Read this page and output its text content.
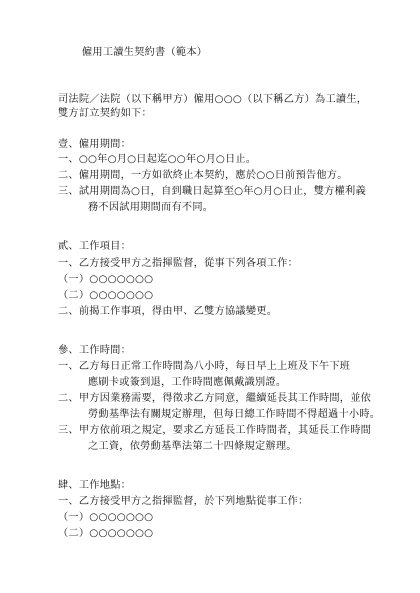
僱用工讀生契約書（範本）
司法院／法院（以下稱甲方）僱用○○○（以下稱乙方）為工讀生，
雙方訂立契約如下：
壹、僱用期間：
一、○○年○月○日起迄○○年○月○日止。
二、僱用期間，一方如欲終止本契約，應於○○日前預告他方。
三、試用期間為○日，自到職日起算至○年○月○日止，雙方權利義
務不因試用期間而有不同。
貳、工作項目：
一、乙方接受甲方之指揮監督，從事下列各項工作：
（一）○○○○○○○
（二）○○○○○○○
二、前揭工作事項，得由甲、乙雙方協議變更。
參、工作時間：
一、乙方每日正常工作時間為八小時，每日早上上班及下午下班
應刷卡或簽到退，工作時間應佩戴識別證。
二、甲方因業務需要，得徵求乙方同意，繼續延長其工作時間，並依
勞動基準法有關規定辦理，但每日總工作時間不得超過十小時。
三、甲方依前項之規定，要求乙方延長工作時間者，其延長工作時間
之工資，依勞動基準法第二十四條規定辦理。
肆、工作地點：
一、乙方接受甲方之指揮監督，於下列地點從事工作：
（一）○○○○○○○
（二）○○○○○○○
